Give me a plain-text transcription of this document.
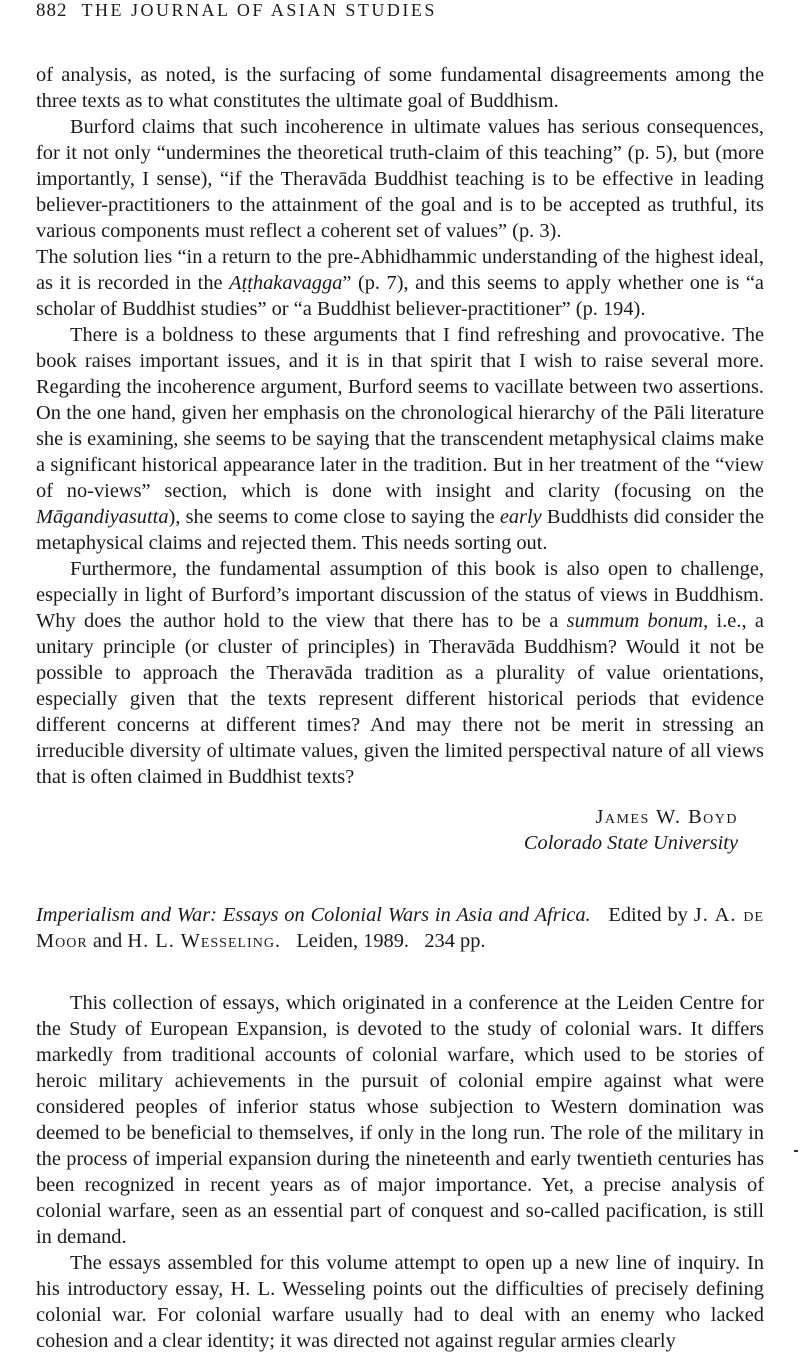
882 THE JOURNAL OF ASIAN STUDIES

of analysis, as noted, is the surfacing of some fundamental disagreements among the three texts as to what constitutes the ultimate goal of Buddhism.

Burford claims that such incoherence in ultimate values has serious consequences, for it not only “undermines the theoretical truth-claim of this teaching” (p. 5), but (more importantly, I sense), “if the Theravāda Buddhist teaching is to be effective in leading believer-practitioners to the attainment of the goal and is to be accepted as truthful, its various components must reflect a coherent set of values” (p. 3).

The solution lies “in a return to the pre-Abhidhammic understanding of the highest ideal, as it is recorded in the Aṭṭhakavagga” (p. 7), and this seems to apply whether one is “a scholar of Buddhist studies” or “a Buddhist believer-practitioner” (p. 194).

There is a boldness to these arguments that I find refreshing and provocative. The book raises important issues, and it is in that spirit that I wish to raise several more. Regarding the incoherence argument, Burford seems to vacillate between two assertions. On the one hand, given her emphasis on the chronological hierarchy of the Pāli literature she is examining, she seems to be saying that the transcendent metaphysical claims make a significant historical appearance later in the tradition. But in her treatment of the “view of no-views” section, which is done with insight and clarity (focusing on the Māgandiyasutta), she seems to come close to saying the early Buddhists did consider the metaphysical claims and rejected them. This needs sorting out.

Furthermore, the fundamental assumption of this book is also open to challenge, especially in light of Burford’s important discussion of the status of views in Buddhism. Why does the author hold to the view that there has to be a summum bonum, i.e., a unitary principle (or cluster of principles) in Theravāda Buddhism? Would it not be possible to approach the Theravāda tradition as a plurality of value orientations, especially given that the texts represent different historical periods that evidence different concerns at different times? And may there not be merit in stressing an irreducible diversity of ultimate values, given the limited perspectival nature of all views that is often claimed in Buddhist texts?

James W. Boyd
Colorado State University

Imperialism and War: Essays on Colonial Wars in Asia and Africa. Edited by J. A. de Moor and H. L. Wesseling. Leiden, 1989. 234 pp.

This collection of essays, which originated in a conference at the Leiden Centre for the Study of European Expansion, is devoted to the study of colonial wars. It differs markedly from traditional accounts of colonial warfare, which used to be stories of heroic military achievements in the pursuit of colonial empire against what were considered peoples of inferior status whose subjection to Western domination was deemed to be beneficial to themselves, if only in the long run. The role of the military in the process of imperial expansion during the nineteenth and early twentieth centuries has been recognized in recent years as of major importance. Yet, a precise analysis of colonial warfare, seen as an essential part of conquest and so-called pacification, is still in demand.

The essays assembled for this volume attempt to open up a new line of inquiry. In his introductory essay, H. L. Wesseling points out the difficulties of precisely defining colonial war. For colonial warfare usually had to deal with an enemy who lacked cohesion and a clear identity; it was directed not against regular armies clearly
